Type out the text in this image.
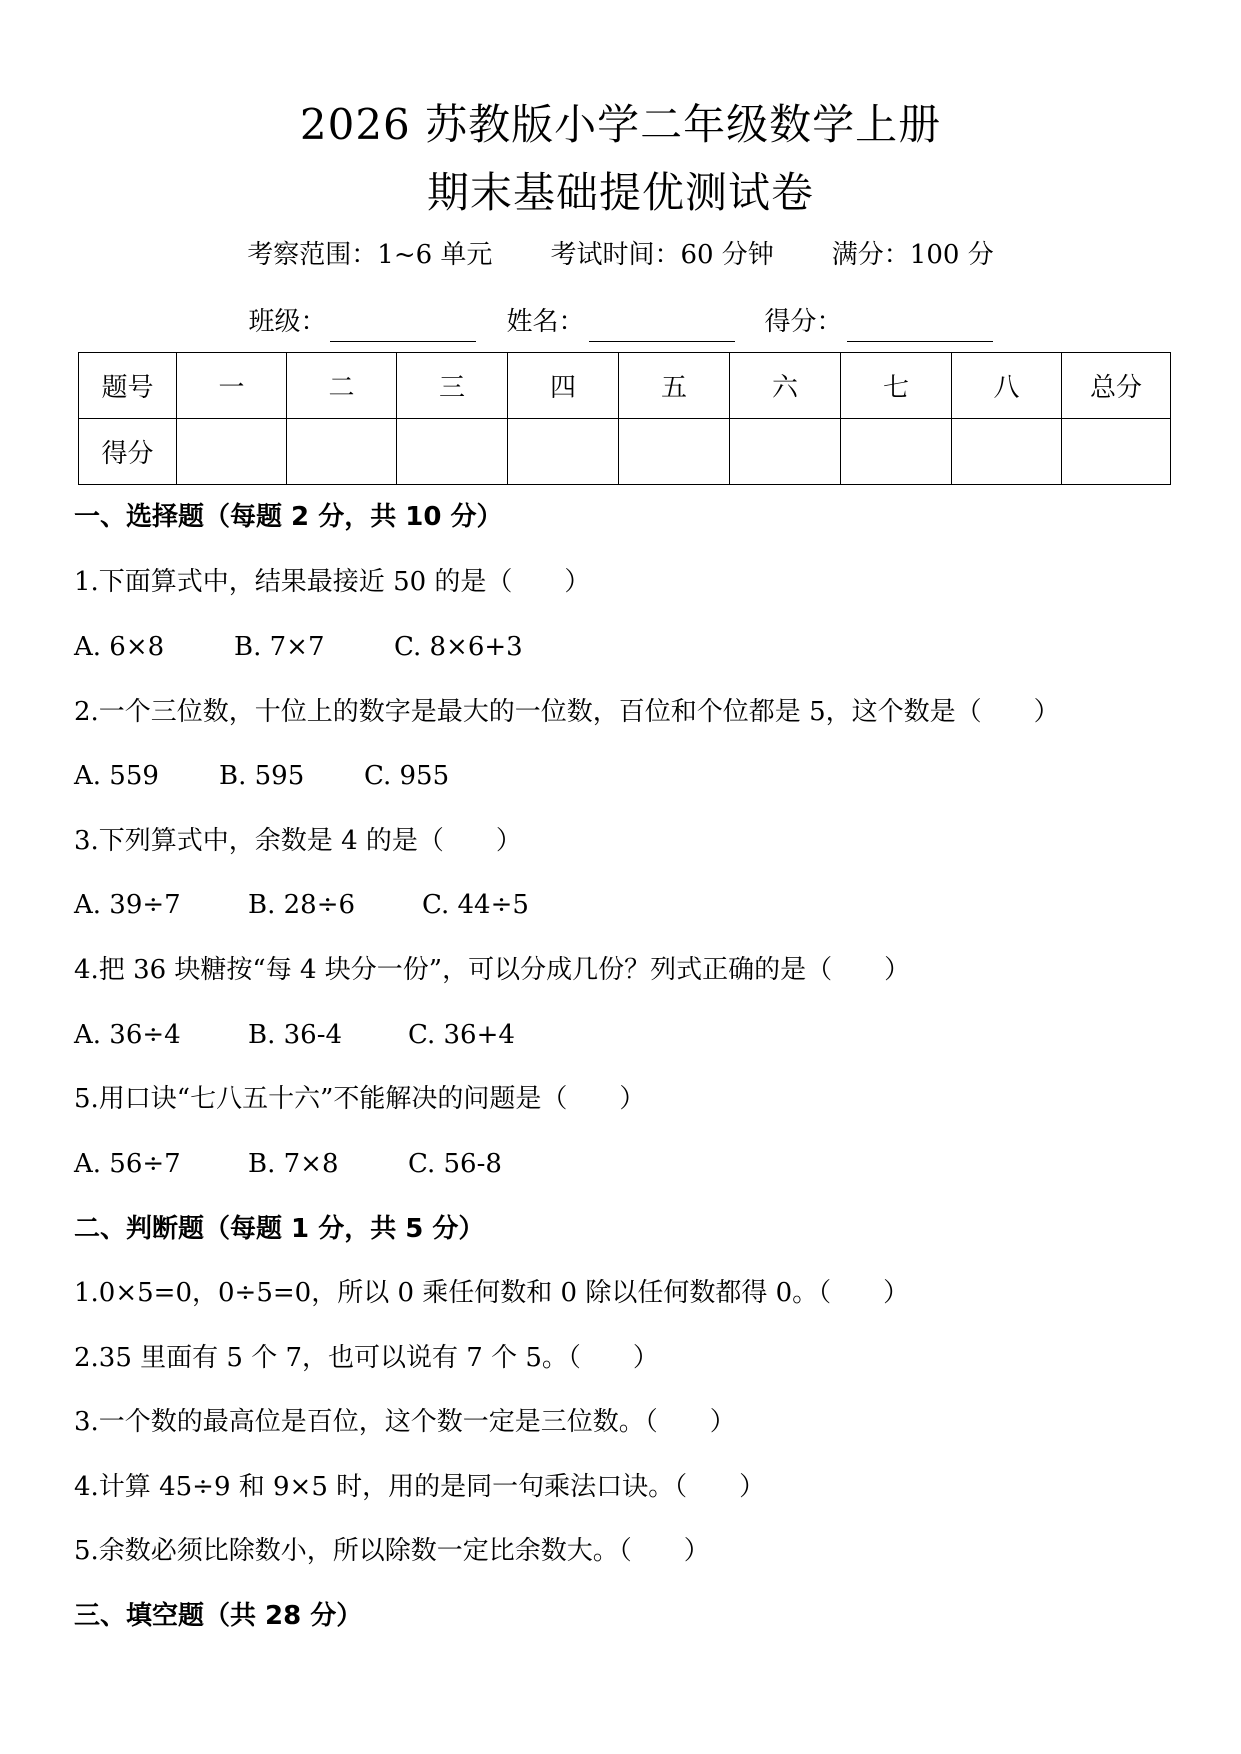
2026 苏教版小学二年级数学上册
期末基础提优测试卷
考察范围：1~6 单元 考试时间：60 分钟 满分：100 分
班级：	姓名：	得分：
题号	一	二	三	四	五	六	七	八	总分
得分									
一、选择题（每题 2 分，共 10 分）
1.下面算式中，结果最接近 50 的是（　　）
A. 6×8	B. 7×7	C. 8×6+3
2.一个三位数，十位上的数字是最大的一位数，百位和个位都是 5，这个数是（　　）
A. 559 B. 595 C. 955
3.下列算式中，余数是 4 的是（　　）
A. 39÷7	B. 28÷6	C. 44÷5
4.把 36 块糖按“每 4 块分一份”，可以分成几份？列式正确的是（　　）
A. 36÷4	B. 36-4	C. 36+4
5.用口诀“七八五十六”不能解决的问题是（　　）
A. 56÷7	B. 7×8	C. 56-8
二、判断题（每题 1 分，共 5 分）
1.0×5=0，0÷5=0，所以 0 乘任何数和 0 除以任何数都得 0。（　　）
2.35 里面有 5 个 7，也可以说有 7 个 5。（　　）
3.一个数的最高位是百位，这个数一定是三位数。（　　）
4.计算 45÷9 和 9×5 时，用的是同一句乘法口诀。（　　）
5.余数必须比除数小，所以除数一定比余数大。（　　）
三、填空题（共 28 分）
